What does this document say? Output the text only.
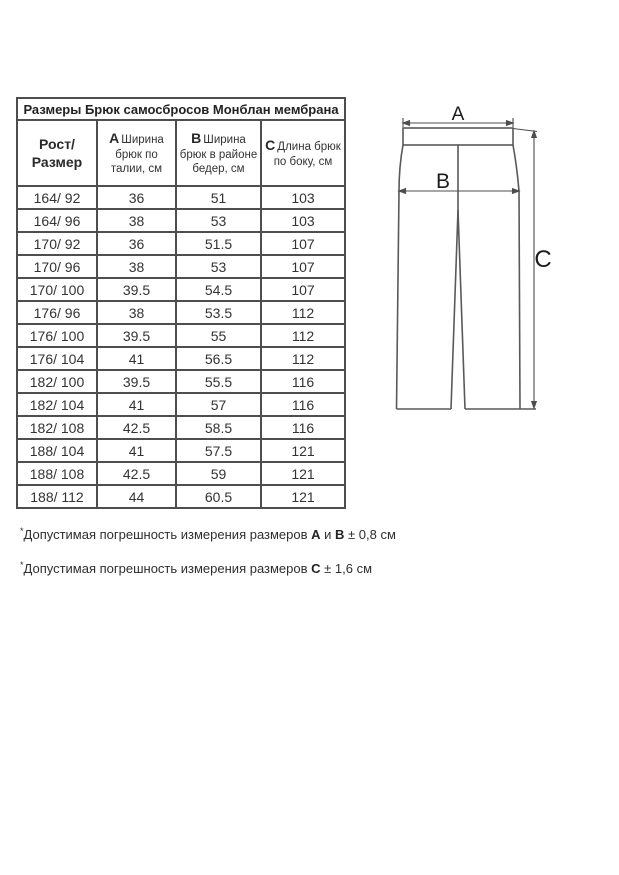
Размеры Брюк самосбросов Монблан мембрана			
Рост/Размер	A Ширина брюк по талии, см	B Ширина брюк в районе бедер, см	C Длина брюк по боку, см
164/ 92	36	51	103
164/ 96	38	53	103
170/ 92	36	51.5	107
170/ 96	38	53	107
170/ 100	39.5	54.5	107
176/ 96	38	53.5	112
176/ 100	39.5	55	112
176/ 104	41	56.5	112
182/ 100	39.5	55.5	116
182/ 104	41	57	116
182/ 108	42.5	58.5	116
188/ 104	41	57.5	121
188/ 108	42.5	59	121
188/ 112	44	60.5	121
A
B
C
*Допустимая погрешность измерения размеров A и B ± 0,8 см
*Допустимая погрешность измерения размеров C ± 1,6 см
